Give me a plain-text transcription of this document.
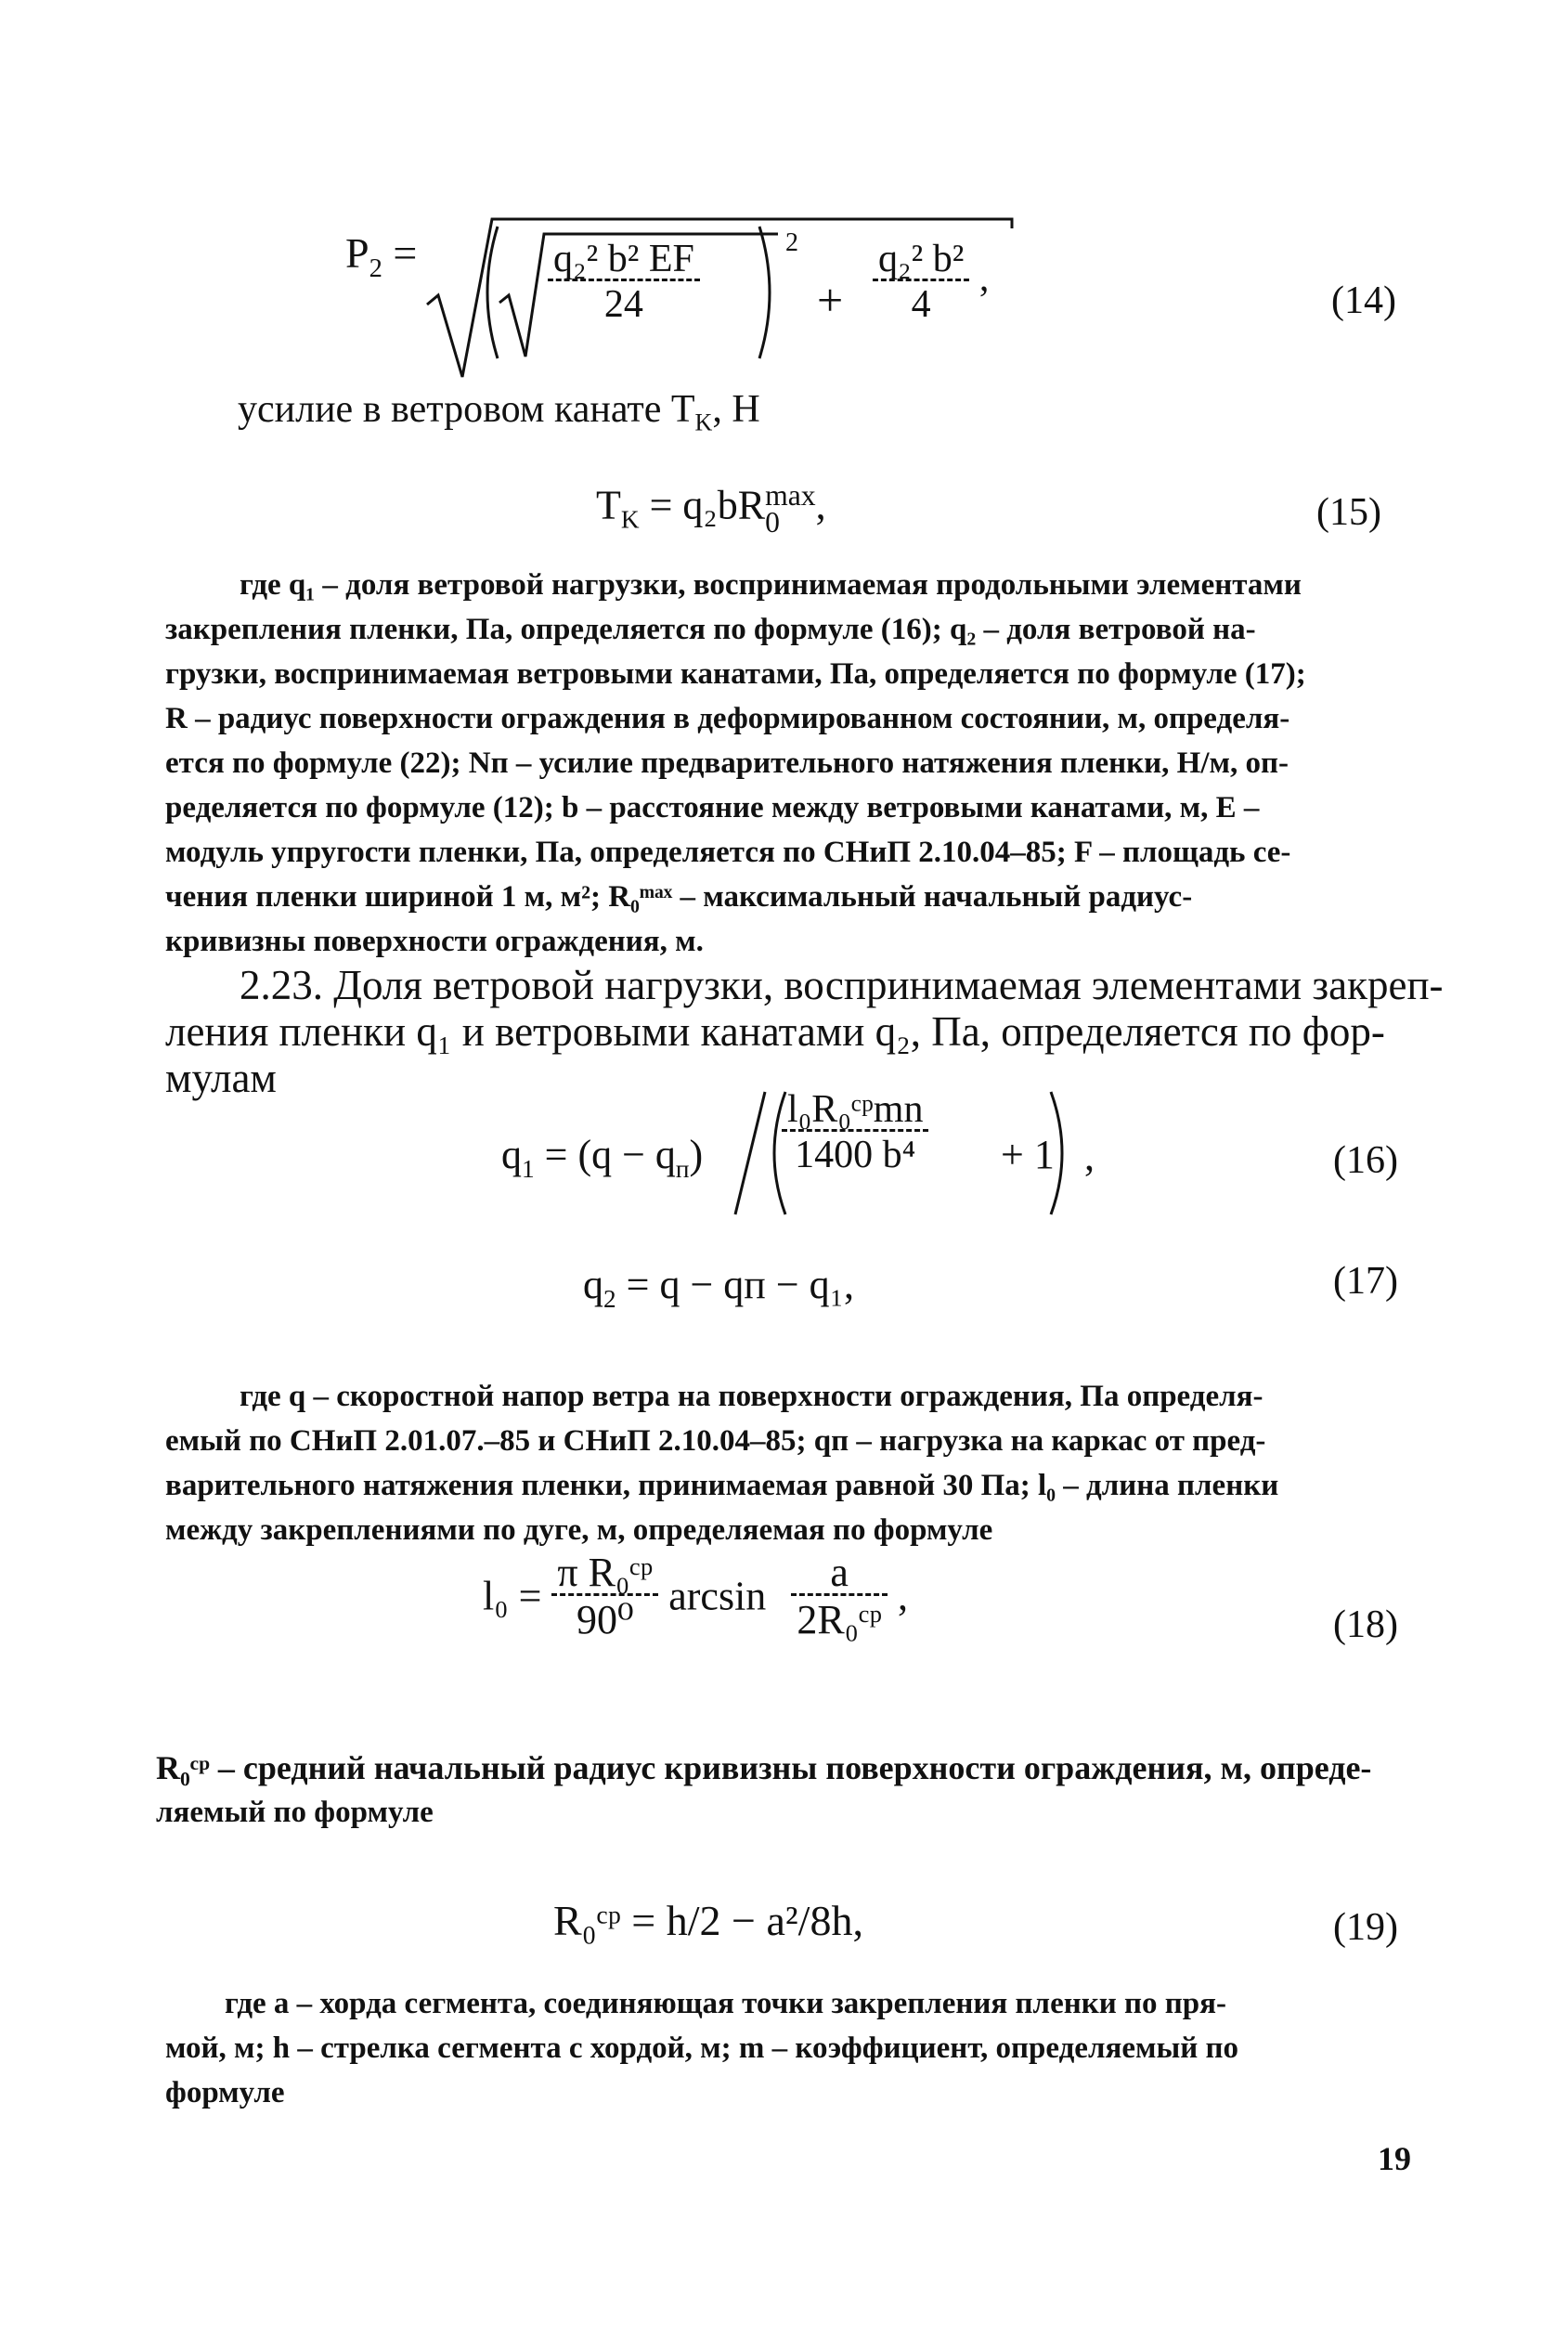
$P_2$ =	$\frac{\text{q₂² b² EF}}{24}$	2
+ $\frac{\text{q₂² b²}}{4}$ ,
(14)
усилие в ветровом канате $T_K$, H
$T_K = q_2bR$ max
0 ,	(15)
где q₁ – доля ветровой нагрузки, воспринимаемая продольными элементами
закрепления пленки, Па, определяется по формуле (16); q₂ – доля ветровой на-
грузки, воспринимаемая ветровыми канатами, Па, определяется по формуле (17);
R – радиус поверхности ограждения в деформированном состоянии, м, определя-
ется по формуле (22); Nп – усилие предварительного натяжения пленки, Н/м, оп-
ределяется по формуле (12); b – расстояние между ветровыми канатами, м, E –
модуль упругости пленки, Па, определяется по СНиП 2.10.04–85; F – площадь се-
чения пленки шириной 1 м, м²; R₀ᵐᵃˣ – максимальный начальный радиус-
кривизны поверхности ограждения, м.
2.23. Доля ветровой нагрузки, воспринимаемая элементами закреп-
ления пленки q₁ и ветровыми канатами q₂, Па, определяется по фор-
мулам
$q_1 = (q - q_п) \frac{\text{l₀R₀ᶜᵖmn}}{\text{1400 b⁴}} + 1$ ,	(16)
$q_2 = q$ − qп − q₁,	(17)
где q – скоростной напор ветра на поверхности ограждения, Па определя-
емый по СНиП 2.01.07.–85 и СНиП 2.10.04–85; qп – нагрузка на каркас от пред-
варительного натяжения пленки, принимаемая равной 30 Па; l₀ – длина пленки
между закреплениями по дуге, м, определяемая по формуле
$l_0 = \frac{\text{π R₀ᶜᵖ}}{\text{90⁰}}$ $\arcsin \frac{a}{\text{2R₀ᶜᵖ}}$ ,
(18)
R₀ᶜᵖ – средний начальный радиус кривизны поверхности ограждения, м, опреде-
ляемый по формуле
R₀ᶜᵖ = h/2 − a²/8h,	(19)
где a – хорда сегмента, соединяющая точки закрепления пленки по пря-
мой, м; h – стрелка сегмента с хордой, м; m – коэффициент, определяемый по
формуле
19
